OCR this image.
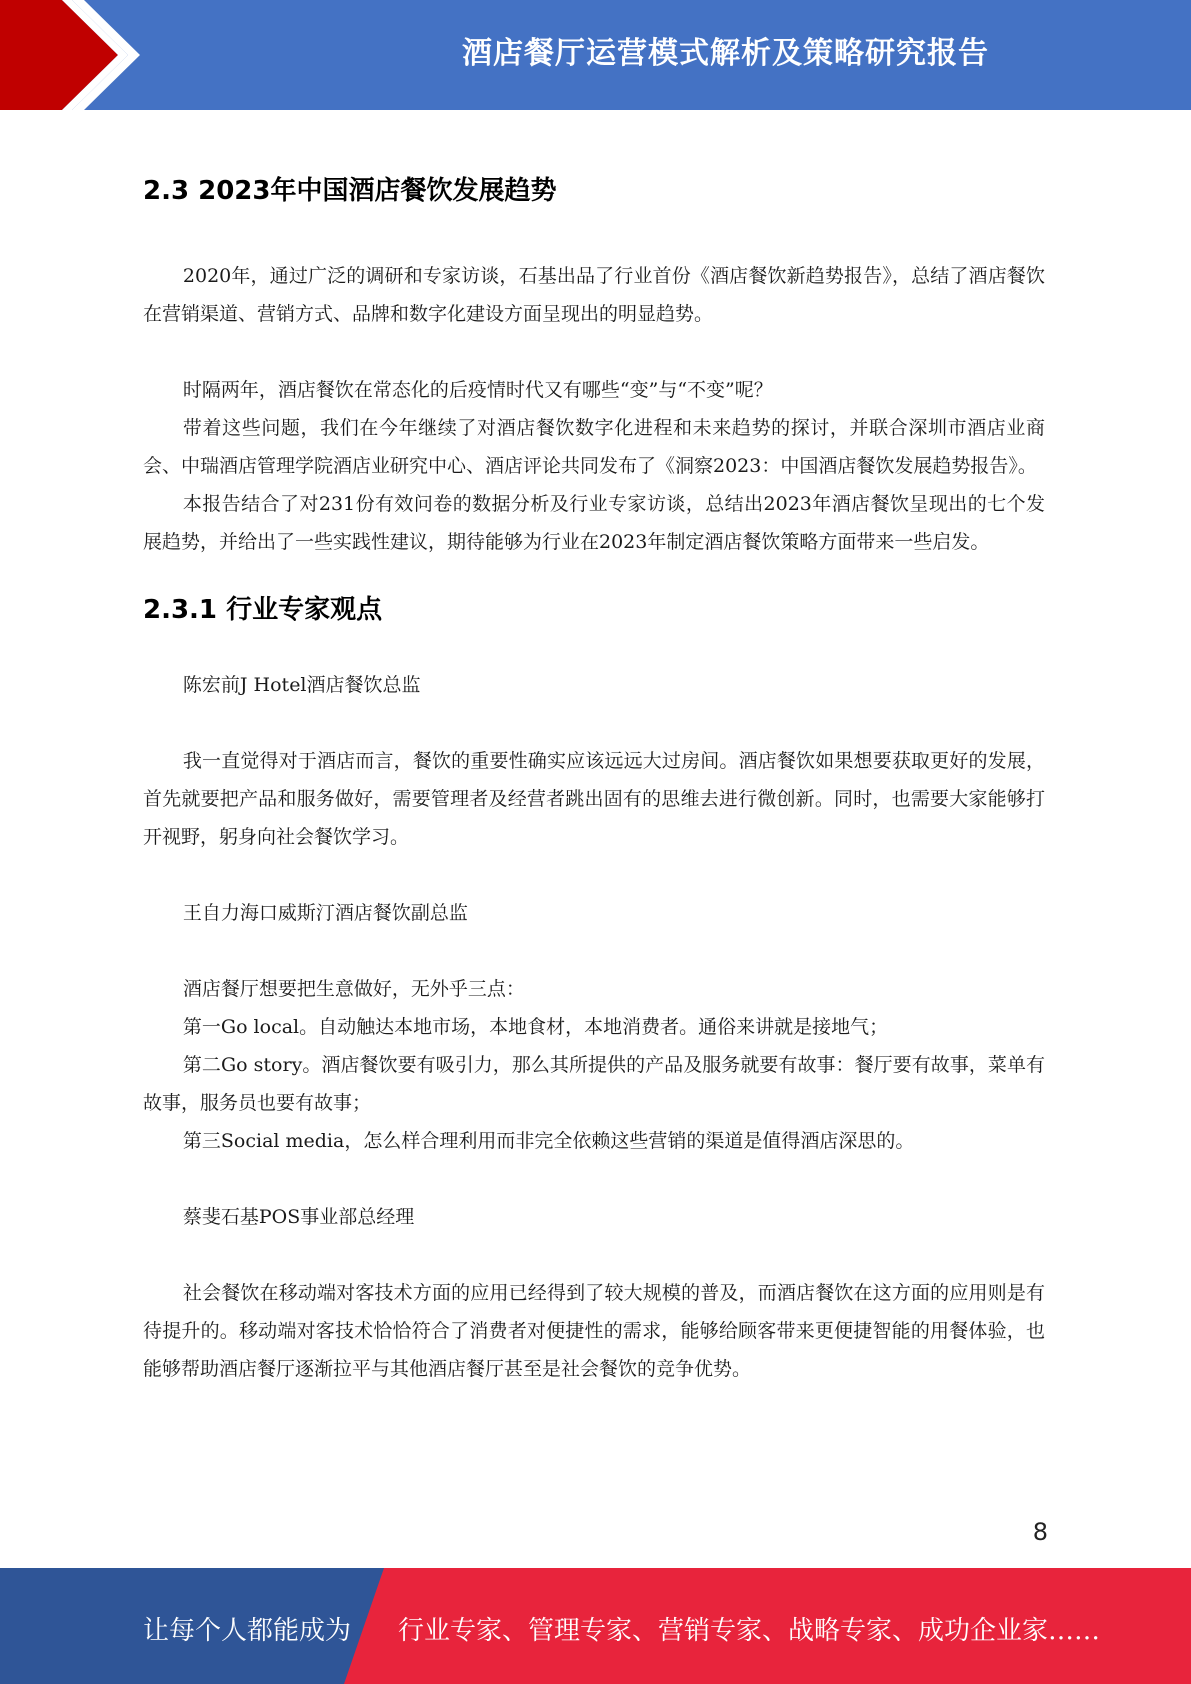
酒店餐厅运营模式解析及策略研究报告
2.3 2023年中国酒店餐饮发展趋势

2020年，通过广泛的调研和专家访谈，石基出品了行业首份《酒店餐饮新趋势报告》，总结了酒店餐饮在营销渠道、营销方式、品牌和数字化建设方面呈现出的明显趋势。

时隔两年，酒店餐饮在常态化的后疫情时代又有哪些“变”与“不变”呢？

带着这些问题，我们在今年继续了对酒店餐饮数字化进程和未来趋势的探讨，并联合深圳市酒店业商会、中瑞酒店管理学院酒店业研究中心、酒店评论共同发布了《洞察2023：中国酒店餐饮发展趋势报告》。

本报告结合了对231份有效问卷的数据分析及行业专家访谈，总结出2023年酒店餐饮呈现出的七个发展趋势，并给出了一些实践性建议，期待能够为行业在2023年制定酒店餐饮策略方面带来一些启发。

2.3.1 行业专家观点

陈宏前J Hotel酒店餐饮总监

我一直觉得对于酒店而言，餐饮的重要性确实应该远远大过房间。酒店餐饮如果想要获取更好的发展，首先就要把产品和服务做好，需要管理者及经营者跳出固有的思维去进行微创新。同时，也需要大家能够打开视野，躬身向社会餐饮学习。

王自力海口威斯汀酒店餐饮副总监

酒店餐厅想要把生意做好，无外乎三点：

第一Go local。自动触达本地市场，本地食材，本地消费者。通俗来讲就是接地气；

第二Go story。酒店餐饮要有吸引力，那么其所提供的产品及服务就要有故事：餐厅要有故事，菜单有故事，服务员也要有故事；

第三Social media，怎么样合理利用而非完全依赖这些营销的渠道是值得酒店深思的。

蔡斐石基POS事业部总经理

社会餐饮在移动端对客技术方面的应用已经得到了较大规模的普及，而酒店餐饮在这方面的应用则是有待提升的。移动端对客技术恰恰符合了消费者对便捷性的需求，能够给顾客带来更便捷智能的用餐体验，也能够帮助酒店餐厅逐渐拉平与其他酒店餐厅甚至是社会餐饮的竞争优势。

8
让每个人都能成为 行业专家、管理专家、营销专家、战略专家、成功企业家……
